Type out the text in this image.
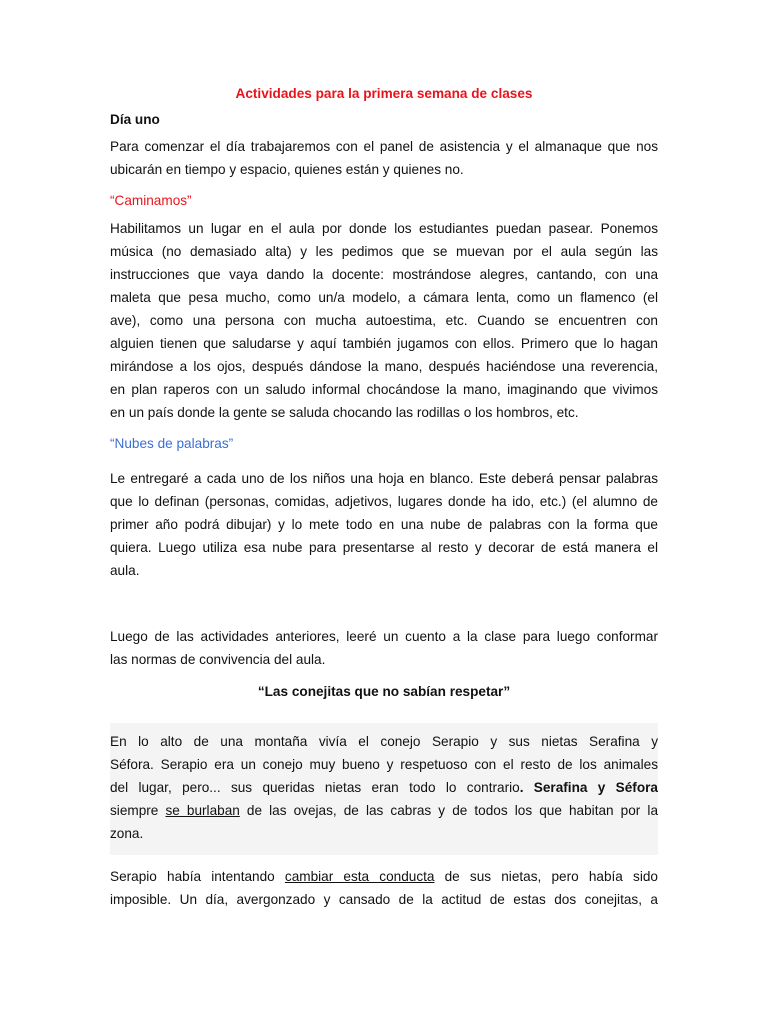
Actividades para la primera semana de clases

Día uno

Para comenzar el día trabajaremos con el panel de asistencia y el almanaque que nos
ubicarán en tiempo y espacio, quienes están y quienes no.

“Caminamos”

Habilitamos un lugar en el aula por donde los estudiantes puedan pasear. Ponemos
música (no demasiado alta) y les pedimos que se muevan por el aula según las
instrucciones que vaya dando la docente: mostrándose alegres, cantando, con una
maleta que pesa mucho, como un/a modelo, a cámara lenta, como un flamenco (el
ave), como una persona con mucha autoestima, etc. Cuando se encuentren con
alguien tienen que saludarse y aquí también jugamos con ellos. Primero que lo hagan
mirándose a los ojos, después dándose la mano, después haciéndose una reverencia,
en plan raperos con un saludo informal chocándose la mano, imaginando que vivimos
en un país donde la gente se saluda chocando las rodillas o los hombros, etc.

“Nubes de palabras”

Le entregaré a cada uno de los niños una hoja en blanco. Este deberá pensar palabras
que lo definan (personas, comidas, adjetivos, lugares donde ha ido, etc.) (el alumno de
primer año podrá dibujar) y lo mete todo en una nube de palabras con la forma que
quiera. Luego utiliza esa nube para presentarse al resto y decorar de está manera el
aula.
Luego de las actividades anteriores, leeré un cuento a la clase para luego conformar
las normas de convivencia del aula.

“Las conejitas que no sabían respetar”

En lo alto de una montaña vivía el conejo Serapio y sus nietas Serafina y
Séfora. Serapio era un conejo muy bueno y respetuoso con el resto de los animales
del lugar, pero... sus queridas nietas eran todo lo contrario. Serafina y Séfora
siempre se burlaban de las ovejas, de las cabras y de todos los que habitan por la
zona.
Serapio había intentando cambiar esta conducta de sus nietas, pero había sido
imposible. Un día, avergonzado y cansado de la actitud de estas dos conejitas, a
